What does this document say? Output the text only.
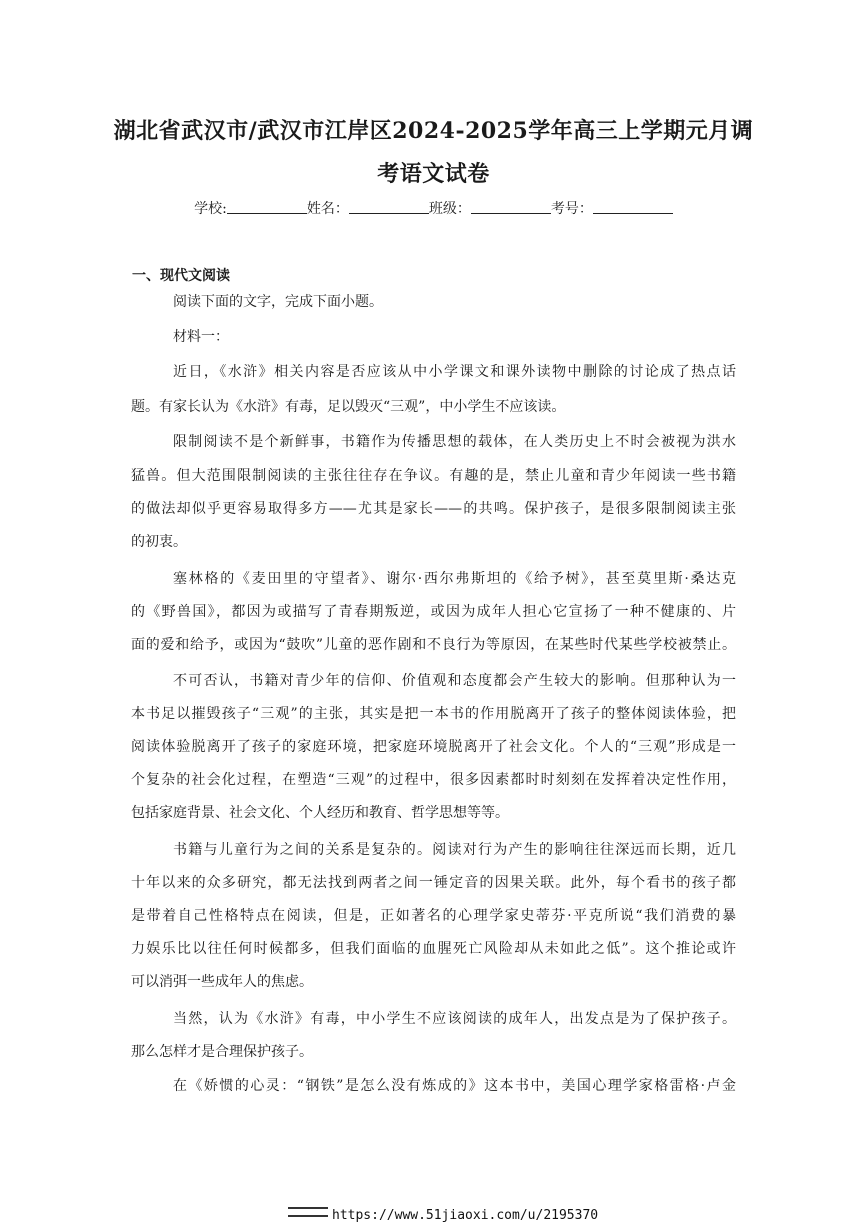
湖北省武汉市/武汉市江岸区2024-2025学年高三上学期元月调
考语文试卷
学校:	姓名：	班级：	考号：
一、现代文阅读
阅读下面的文字，完成下面小题。
材料一：
近日，《水浒》相关内容是否应该从中小学课文和课外读物中删除的讨论成了热点话
题。有家长认为《水浒》有毒，足以毁灭“三观”，中小学生不应该读。
限制阅读不是个新鲜事，书籍作为传播思想的载体，在人类历史上不时会被视为洪水
猛兽。但大范围限制阅读的主张往往存在争议。有趣的是，禁止儿童和青少年阅读一些书籍
的做法却似乎更容易取得多方——尤其是家长——的共鸣。保护孩子，是很多限制阅读主张
的初衷。
塞林格的《麦田里的守望者》、谢尔·西尔弗斯坦的《给予树》，甚至莫里斯·桑达克
的《野兽国》，都因为或描写了青春期叛逆，或因为成年人担心它宣扬了一种不健康的、片
面的爱和给予，或因为“鼓吹”儿童的恶作剧和不良行为等原因，在某些时代某些学校被禁止。
不可否认，书籍对青少年的信仰、价值观和态度都会产生较大的影响。但那种认为一
本书足以摧毁孩子“三观”的主张，其实是把一本书的作用脱离开了孩子的整体阅读体验，把
阅读体验脱离开了孩子的家庭环境，把家庭环境脱离开了社会文化。个人的“三观”形成是一
个复杂的社会化过程，在塑造“三观”的过程中，很多因素都时时刻刻在发挥着决定性作用，
包括家庭背景、社会文化、个人经历和教育、哲学思想等等。
书籍与儿童行为之间的关系是复杂的。阅读对行为产生的影响往往深远而长期，近几
十年以来的众多研究，都无法找到两者之间一锤定音的因果关联。此外，每个看书的孩子都
是带着自己性格特点在阅读，但是，正如著名的心理学家史蒂芬·平克所说“我们消费的暴
力娱乐比以往任何时候都多，但我们面临的血腥死亡风险却从未如此之低”。这个推论或许
可以消弭一些成年人的焦虑。
当然，认为《水浒》有毒，中小学生不应该阅读的成年人，出发点是为了保护孩子。
那么怎样才是合理保护孩子。
在《娇惯的心灵：“钢铁”是怎么没有炼成的》这本书中，美国心理学家格雷格·卢金
https://www.51jiaoxi.com/u/2195370
